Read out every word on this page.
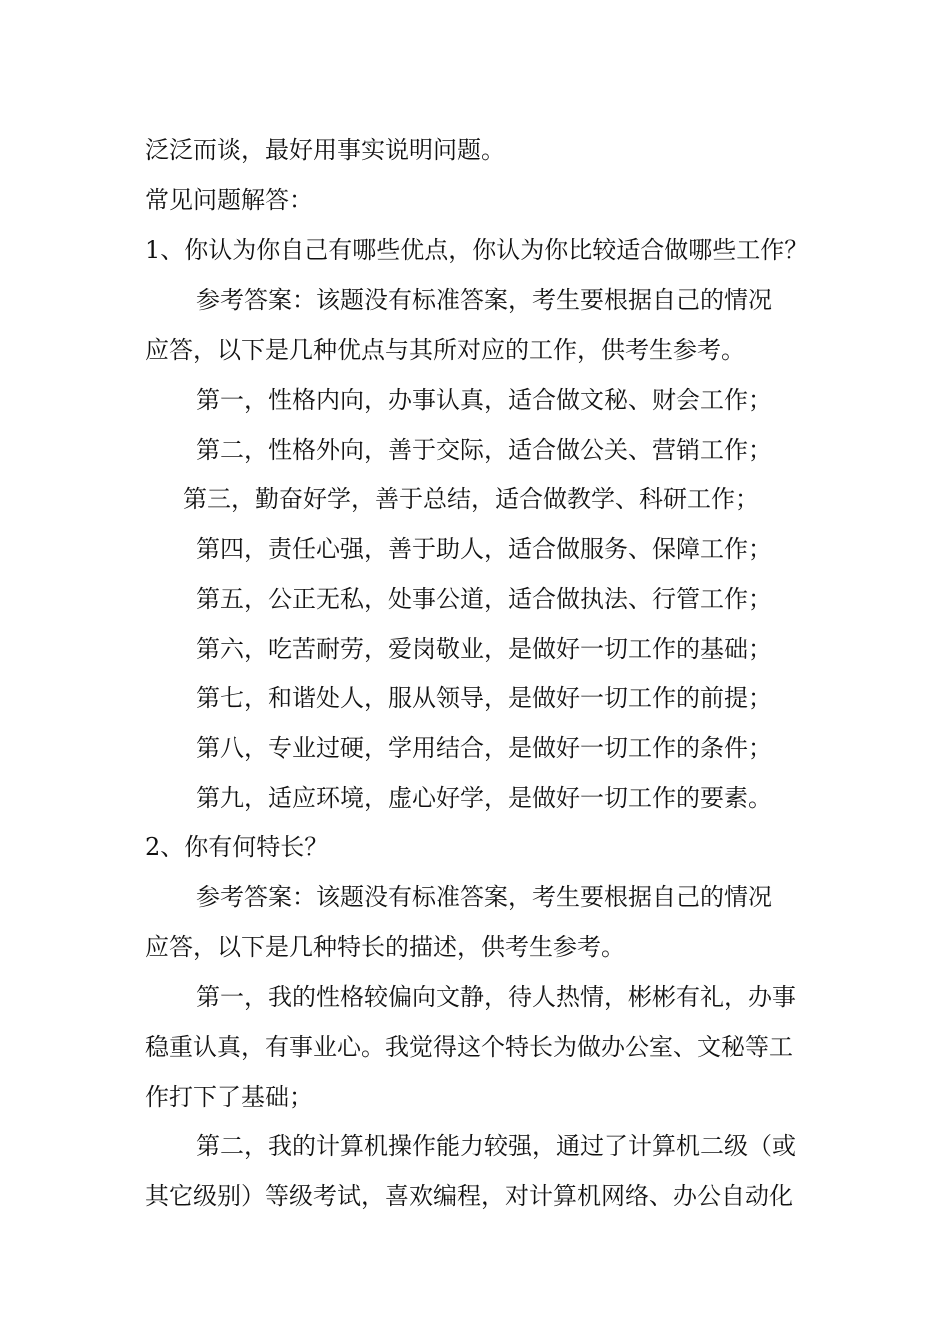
泛泛而谈，最好用事实说明问题。
常见问题解答：
1、你认为你自己有哪些优点，你认为你比较适合做哪些工作？
参考答案：该题没有标准答案，考生要根据自己的情况
应答，以下是几种优点与其所对应的工作，供考生参考。
第一，性格内向，办事认真，适合做文秘、财会工作；
第二，性格外向，善于交际，适合做公关、营销工作；
第三，勤奋好学，善于总结，适合做教学、科研工作；
第四，责任心强，善于助人，适合做服务、保障工作；
第五，公正无私，处事公道，适合做执法、行管工作；
第六，吃苦耐劳，爱岗敬业，是做好一切工作的基础；
第七，和谐处人，服从领导，是做好一切工作的前提；
第八，专业过硬，学用结合，是做好一切工作的条件；
第九，适应环境，虚心好学，是做好一切工作的要素。
2、你有何特长？
参考答案：该题没有标准答案，考生要根据自己的情况
应答，以下是几种特长的描述，供考生参考。
第一，我的性格较偏向文静，待人热情，彬彬有礼，办事
稳重认真，有事业心。我觉得这个特长为做办公室、文秘等工
作打下了基础；
第二，我的计算机操作能力较强，通过了计算机二级（或
其它级别）等级考试，喜欢编程，对计算机网络、办公自动化
